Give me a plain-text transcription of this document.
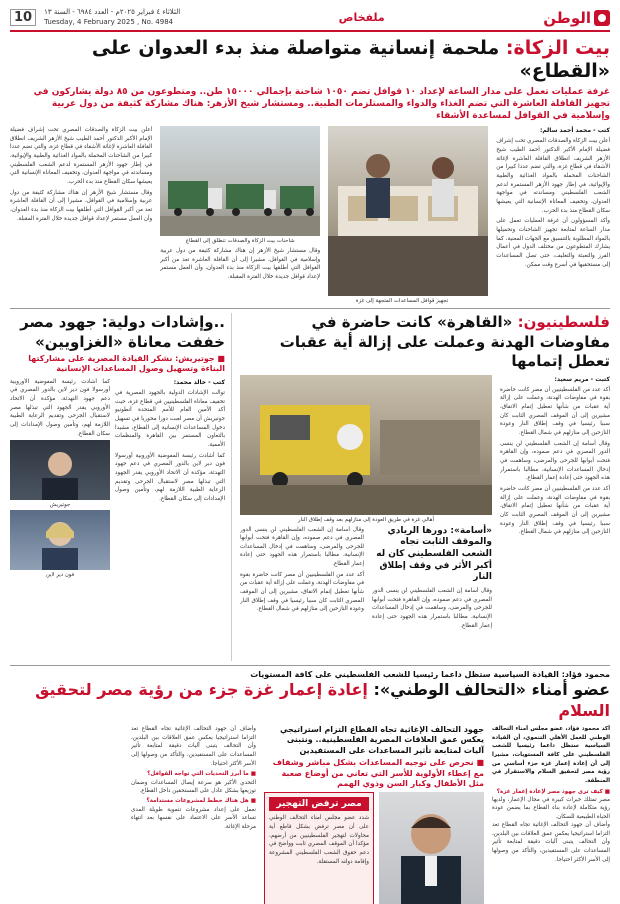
الوطن
ملفخاص
الثلاثاء ٤ فبراير ٢٠٢٥م - العدد ٦٩٨٤ - السنة ١٣
Tuesday, 4 February 2025 , No. 4984
10
بيت الزكاة: ملحمة إنسانية متواصلة منذ بدء العدوان على «القطاع»
غرفة عمليات تعمل على مدار الساعة لإعداد ١٠ قوافل تضم ١٠٥٠ شاحنة بإجمالي ١٥٠٠٠ طن.. ومتطوعون من ٨٥ دولة يشاركون في تجهيز القافلة العاشرة التي تضم الغذاء والدواء والمستلزمات الطبية.. ومستشار شيخ الأزهر: هناك مشاركة كثيفة من دول عربية وإسلامية في القوافل لمساعدة الأشقاء
كتب - محمد أحمد سالم:

أعلن بيت الزكاة والصدقات المصري تحت إشراف فضيلة الإمام الأكبر الدكتور أحمد الطيب شيخ الأزهر الشريف انطلاق القافلة العاشرة لإغاثة الأشقاء في قطاع غزة، والتي تضم عددا كبيرا من الشاحنات المحملة بالمواد الغذائية والطبية والإيوائية، في إطار جهود الأزهر المستمرة لدعم الشعب الفلسطيني ومساندته في مواجهة العدوان، وتخفيف المعاناة الإنسانية التي يعيشها سكان القطاع منذ بدء الحرب.

وأكد المسؤولون أن غرفة العمليات تعمل على مدار الساعة لمتابعة تجهيز الشاحنات وتحميلها بالمواد المطلوبة بالتنسيق مع الجهات المعنية، كما يشارك المتطوعون من مختلف الدول في أعمال الفرز والتعبئة والتغليف، حتى تصل المساعدات إلى مستحقيها في أسرع وقت ممكن.

شاحنات بيت الزكاة والصدقات تنطلق إلى القطاع

وقال مستشار شيخ الأزهر إن هناك مشاركة كثيفة من دول عربية وإسلامية في القوافل، مشيرا إلى أن القافلة العاشرة تعد من أكبر القوافل التي أطلقها بيت الزكاة منذ بدء العدوان، وأن العمل مستمر لإعداد قوافل جديدة خلال الفترة المقبلة.

أعلن بيت الزكاة والصدقات المصري تحت إشراف فضيلة الإمام الأكبر الدكتور أحمد الطيب شيخ الأزهر الشريف انطلاق القافلة العاشرة لإغاثة الأشقاء في قطاع غزة، والتي تضم عددا كبيرا من الشاحنات المحملة بالمواد الغذائية والطبية والإيوائية، في إطار جهود الأزهر المستمرة لدعم الشعب الفلسطيني ومساندته في مواجهة العدوان، وتخفيف المعاناة الإنسانية التي يعيشها سكان القطاع منذ بدء الحرب.

وقال مستشار شيخ الأزهر إن هناك مشاركة كثيفة من دول عربية وإسلامية في القوافل، مشيرا إلى أن القافلة العاشرة تعد من أكبر القوافل التي أطلقها بيت الزكاة منذ بدء العدوان، وأن العمل مستمر لإعداد قوافل جديدة خلال الفترة المقبلة.

تجهيز قوافل المساعدات المتجهة إلى غزة
فلسطينيون: «القاهرة» كانت حاضرة في مفاوضات الهدنة وعملت على إزالة أية عقبات تعطل إتمامها
كتبت - مريم سعيد:

أكد عدد من الفلسطينيين أن مصر كانت حاضرة بقوة في مفاوضات الهدنة، وعملت على إزالة أية عقبات من شأنها تعطيل إتمام الاتفاق، مشيرين إلى أن الموقف المصري الثابت كان سببا رئيسيا في وقف إطلاق النار وعودة النازحين إلى منازلهم في شمال القطاع.

وقال أسامة إن الشعب الفلسطيني لن ينسى الدور المصري في دعم صموده، وإن القاهرة فتحت أبوابها للجرحى والمرضى، وساهمت في إدخال المساعدات الإنسانية، مطالبا باستمرار هذه الجهود حتى إعادة إعمار القطاع.

أكد عدد من الفلسطينيين أن مصر كانت حاضرة بقوة في مفاوضات الهدنة، وعملت على إزالة أية عقبات من شأنها تعطيل إتمام الاتفاق، مشيرين إلى أن الموقف المصري الثابت كان سببا رئيسيا في وقف إطلاق النار وعودة النازحين إلى منازلهم في شمال القطاع.

أهالي غزة في طريق العودة إلى منازلهم بعد وقف إطلاق النار
«أسامة»: دورها الريادي والموقف الثابت تجاه الشعب الفلسطيني كان له أكبر الأثر في وقف إطلاق النار

وقال أسامة إن الشعب الفلسطيني لن ينسى الدور المصري في دعم صموده، وإن القاهرة فتحت أبوابها للجرحى والمرضى، وساهمت في إدخال المساعدات الإنسانية، مطالبا باستمرار هذه الجهود حتى إعادة إعمار القطاع.

وقال أسامة إن الشعب الفلسطيني لن ينسى الدور المصري في دعم صموده، وإن القاهرة فتحت أبوابها للجرحى والمرضى، وساهمت في إدخال المساعدات الإنسانية، مطالبا باستمرار هذه الجهود حتى إعادة إعمار القطاع.

أكد عدد من الفلسطينيين أن مصر كانت حاضرة بقوة في مفاوضات الهدنة، وعملت على إزالة أية عقبات من شأنها تعطيل إتمام الاتفاق، مشيرين إلى أن الموقف المصري الثابت كان سببا رئيسيا في وقف إطلاق النار وعودة النازحين إلى منازلهم في شمال القطاع.

..وإشادات دولية: جهود مصر خففت معاناة «الغزاويين»
■ جوتيريش: نشكر القيادة المصرية على مشاركتها البناءة وتسهيل وصول المساعدات الإنسانية
كتب - خالد محمد:

توالت الإشادات الدولية بالجهود المصرية في تخفيف معاناة الفلسطينيين في قطاع غزة، حيث أكد الأمين العام للأمم المتحدة أنطونيو جوتيريش أن مصر لعبت دورا محوريا في تسهيل دخول المساعدات الإنسانية إلى القطاع، مشيدا بالتعاون المستمر بين القاهرة والمنظمات الأممية.

كما أشادت رئيسة المفوضية الأوروبية أورسولا فون دير لاين بالدور المصري في دعم جهود التهدئة، مؤكدة أن الاتحاد الأوروبي يقدر الجهود التي تبذلها مصر لاستقبال الجرحى وتقديم الرعاية الطبية اللازمة لهم، وتأمين وصول الإمدادات إلى سكان القطاع.

كما أشادت رئيسة المفوضية الأوروبية أورسولا فون دير لاين بالدور المصري في دعم جهود التهدئة، مؤكدة أن الاتحاد الأوروبي يقدر الجهود التي تبذلها مصر لاستقبال الجرحى وتقديم الرعاية الطبية اللازمة لهم، وتأمين وصول الإمدادات إلى سكان القطاع.

جوتيريش
فون دير لاين
محمود فؤاد: القيادة السياسية ستظل داعما رئيسيا للشعب الفلسطيني على كافة المستويات
عضو أمناء «التحالف الوطني»: إعادة إعمار غزة جزء من رؤية مصر لتحقيق السلام

أكد محمود فؤاد، عضو مجلس أمناء التحالف الوطني للعمل الأهلي التنموي، أن القيادة السياسية ستظل داعما رئيسيا للشعب الفلسطيني على كافة المستويات، مشيرا إلى أن إعادة إعمار غزة جزء أساسي من رؤية مصر لتحقيق السلام والاستقرار في المنطقة.

■ كيف ترى جهود مصر لإعادة إعمار غزة؟
مصر تمتلك خبرات كبيرة في مجال الإعمار، ولديها رؤية متكاملة لإعادة بناء القطاع بما يضمن عودة الحياة الطبيعية للسكان.

وأضاف أن جهود التحالف الإغاثية تجاه القطاع تعد التزاما استراتيجيا يعكس عمق العلاقات بين البلدين، وأن التحالف يتبنى آليات دقيقة لمتابعة تأثير المساعدات على المستفيدين، والتأكد من وصولها إلى الأسر الأكثر احتياجا.

جهود التحالف الإغاثية تجاه القطاع التزام استراتيجي يعكس عمق العلاقات المصرية الفلسطينية.. ونتبنى آليات لمتابعة تأثير المساعدات على المستفيدين
■ نحرص على توجيه المساعدات بشكل مباشر وشفاف مع إعطاء الأولوية للأسر التي تعاني من أوضاع صعبة مثل الأطفال وكبار السن وذوي الهمم
مصر ترفض التهجير
شدد عضو مجلس أمناء التحالف الوطني على أن مصر ترفض بشكل قاطع أية محاولات لتهجير الفلسطينيين من أرضهم، مؤكدا أن الموقف المصري ثابت وواضح في دعم حقوق الشعب الفلسطيني المشروعة وإقامة دولته المستقلة.

وأضاف أن جهود التحالف الإغاثية تجاه القطاع تعد التزاما استراتيجيا يعكس عمق العلاقات بين البلدين، وأن التحالف يتبنى آليات دقيقة لمتابعة تأثير المساعدات على المستفيدين، والتأكد من وصولها إلى الأسر الأكثر احتياجا.

■ ما أبرز التحديات التي تواجه القوافل؟
التحدي الأكبر هو سرعة إيصال المساعدات وضمان توزيعها بشكل عادل على المستحقين داخل القطاع.
■ هل هناك خطط لمشروعات مستدامة؟
نعمل على إعداد مشروعات تنموية طويلة المدى تساعد الأسر على الاعتماد على نفسها بعد انتهاء مرحلة الإغاثة.
